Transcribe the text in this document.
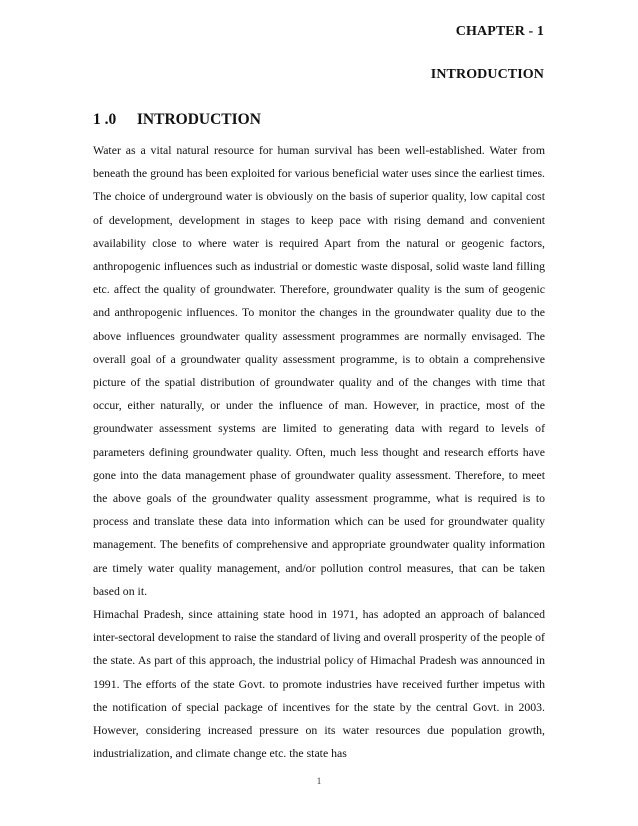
CHAPTER - 1
INTRODUCTION
1 .0 INTRODUCTION

Water as a vital natural resource for human survival has been well-established. Water from beneath the ground has been exploited for various beneficial water uses since the earliest times. The choice of underground water is obviously on the basis of superior quality, low capital cost of development, development in stages to keep pace with rising demand and convenient availability close to where water is required Apart from the natural or geogenic factors, anthropogenic influences such as industrial or domestic waste disposal, solid waste land filling etc. affect the quality of groundwater. Therefore, groundwater quality is the sum of geogenic and anthropogenic influences. To monitor the changes in the groundwater quality due to the above influences groundwater quality assessment programmes are normally envisaged. The overall goal of a groundwater quality assessment programme, is to obtain a comprehensive picture of the spatial distribution of groundwater quality and of the changes with time that occur, either naturally, or under the influence of man. However, in practice, most of the groundwater assessment systems are limited to generating data with regard to levels of parameters defining groundwater quality. Often, much less thought and research efforts have gone into the data management phase of groundwater quality assessment. Therefore, to meet the above goals of the groundwater quality assessment programme, what is required is to process and translate these data into information which can be used for groundwater quality management. The benefits of comprehensive and appropriate groundwater quality information are timely water quality management, and/or pollution control measures, that can be taken based on it.

Himachal Pradesh, since attaining state hood in 1971, has adopted an approach of balanced inter-sectoral development to raise the standard of living and overall prosperity of the people of the state. As part of this approach, the industrial policy of Himachal Pradesh was announced in 1991. The efforts of the state Govt. to promote industries have received further impetus with the notification of special package of incentives for the state by the central Govt. in 2003. However, considering increased pressure on its water resources due population growth, industrialization, and climate change etc. the state has

1
